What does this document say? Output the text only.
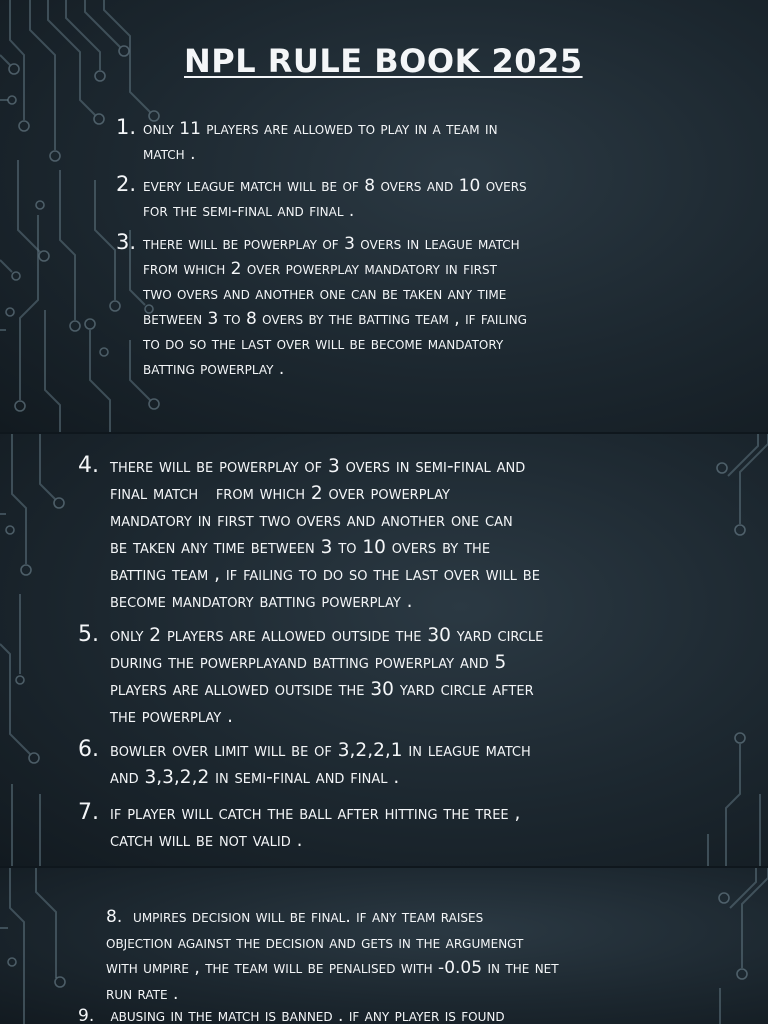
NPL RULE BOOK 2025
1. only 11 players are allowed to play in a team in
match .
2. every league match will be of 8 overs and 10 overs
for the semi-final and final .
3. there will be powerplay of 3 overs in league match
from which 2 over powerplay mandatory in first
two overs and another one can be taken any time
between 3 to 8 overs by the batting team , if failing
to do so the last over will be become mandatory
batting powerplay .
4. there will be powerplay of 3 overs in semi-final and
final match   from which 2 over powerplay
mandatory in first two overs and another one can
be taken any time between 3 to 10 overs by the
batting team , if failing to do so the last over will be
become mandatory batting powerplay .
5. only 2 players are allowed outside the 30 yard circle
during the powerplayand batting powerplay and 5
players are allowed outside the 30 yard circle after
the powerplay .
6. bowler over limit will be of 3,2,2,1 in league match
and 3,3,2,2 in semi-final and final .
7. if player will catch the ball after hitting the tree ,
catch will be not valid .
8. umpires decision will be final. if any team raises
objection against the decision and gets in the argumengt
with umpire , the team will be penalised with -0.05 in the net
run rate .
9. abusing in the match is banned . if any player is found
